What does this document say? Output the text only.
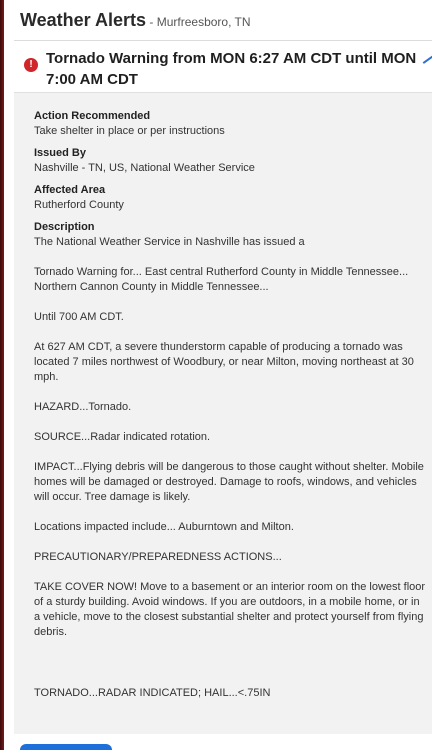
Weather Alerts - Murfreesboro, TN
! Tornado Warning from MON 6:27 AM CDT until MON 7:00 AM CDT
Action Recommended
Take shelter in place or per instructions
Issued By
Nashville - TN, US, National Weather Service
Affected Area
Rutherford County
Description
The National Weather Service in Nashville has issued a
Tornado Warning for... East central Rutherford County in Middle Tennessee... Northern Cannon County in Middle Tennessee...
Until 700 AM CDT.
At 627 AM CDT, a severe thunderstorm capable of producing a tornado was located 7 miles northwest of Woodbury, or near Milton, moving northeast at 30 mph.
HAZARD...Tornado.
SOURCE...Radar indicated rotation.
IMPACT...Flying debris will be dangerous to those caught without shelter. Mobile homes will be damaged or destroyed. Damage to roofs, windows, and vehicles will occur. Tree damage is likely.
Locations impacted include... Auburntown and Milton.
PRECAUTIONARY/PREPAREDNESS ACTIONS...
TAKE COVER NOW! Move to a basement or an interior room on the lowest floor of a sturdy building. Avoid windows. If you are outdoors, in a mobile home, or in a vehicle, move to the closest substantial shelter and protect yourself from flying debris.
TORNADO...RADAR INDICATED; HAIL...<.75IN
